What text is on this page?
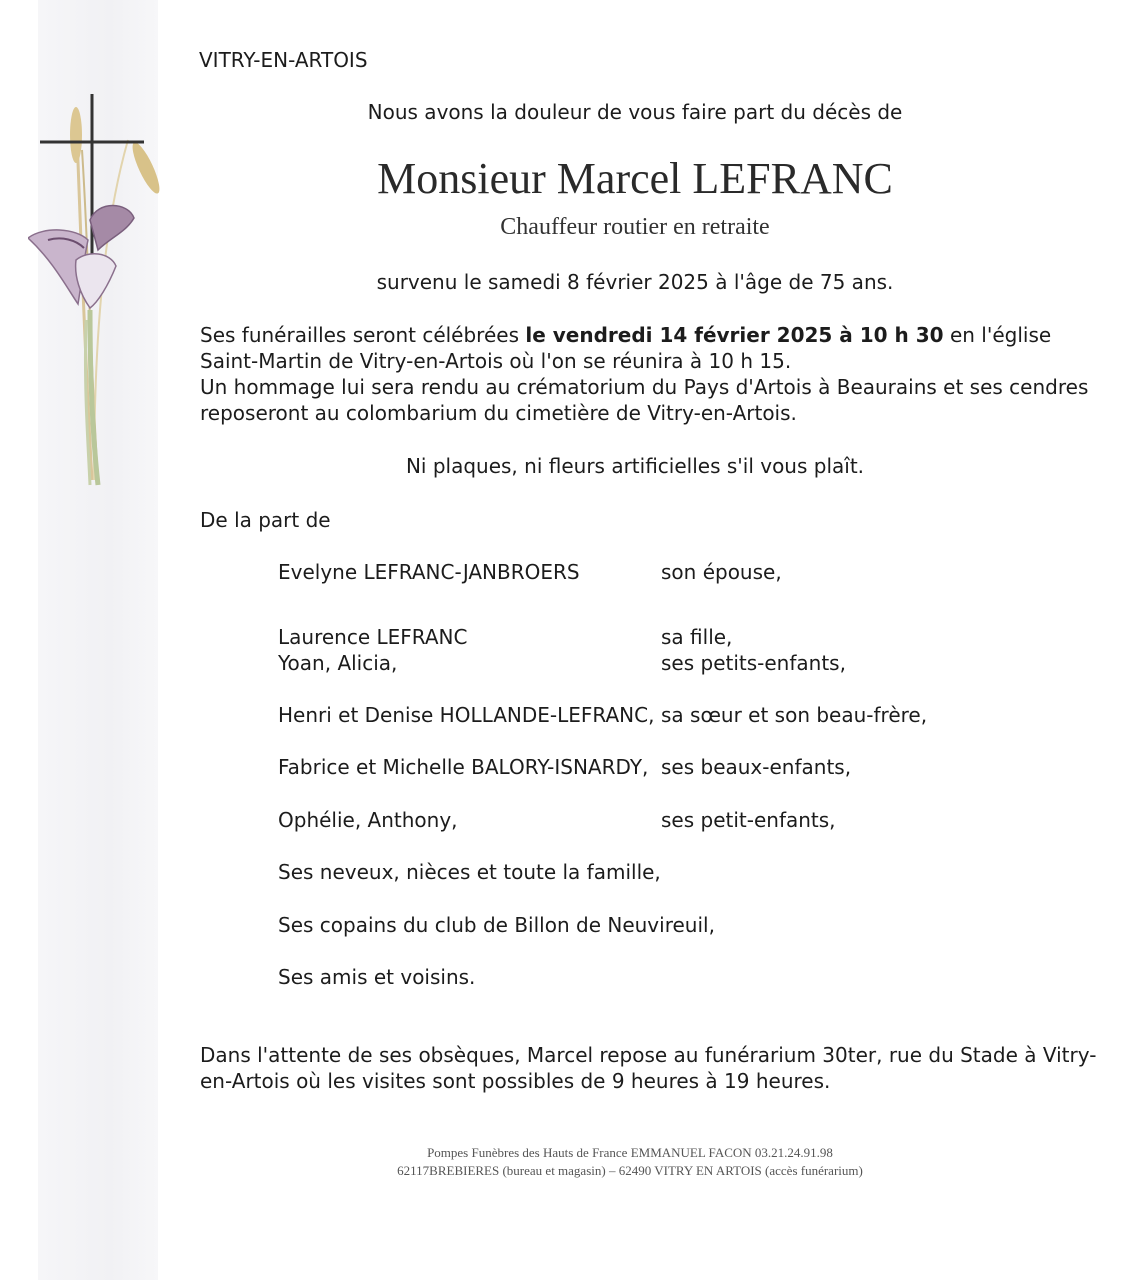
VITRY-EN-ARTOIS
Nous avons la douleur de vous faire part du décès de
Monsieur Marcel LEFRANC
Chauffeur routier en retraite
survenu le samedi 8 février 2025 à l'âge de 75 ans.
Ses funérailles seront célébrées le vendredi 14 février 2025 à 10 h 30 en l'église
Saint-Martin de Vitry-en-Artois où l'on se réunira à 10 h 15.
Un hommage lui sera rendu au crématorium du Pays d'Artois à Beaurains et ses cendres
reposeront au colombarium du cimetière de Vitry-en-Artois.
Ni plaques, ni fleurs artificielles s'il vous plaît.
De la part de
Evelyne LEFRANC-JANBROERS	son épouse,
Laurence LEFRANC	sa fille,
Yoan, Alicia,	ses petits-enfants,
Henri et Denise HOLLANDE-LEFRANC, sa sœur et son beau-frère,
Fabrice et Michelle BALORY-ISNARDY, ses beaux-enfants,
Ophélie, Anthony,	ses petit-enfants,
Ses neveux, nièces et toute la famille,
Ses copains du club de Billon de Neuvireuil,
Ses amis et voisins.
Dans l'attente de ses obsèques, Marcel repose au funérarium 30ter, rue du Stade à Vitry-
en-Artois où les visites sont possibles de 9 heures à 19 heures.
Pompes Funèbres des Hauts de France EMMANUEL FACON 03.21.24.91.98
62117BREBIERES (bureau et magasin) – 62490 VITRY EN ARTOIS (accès funérarium)
